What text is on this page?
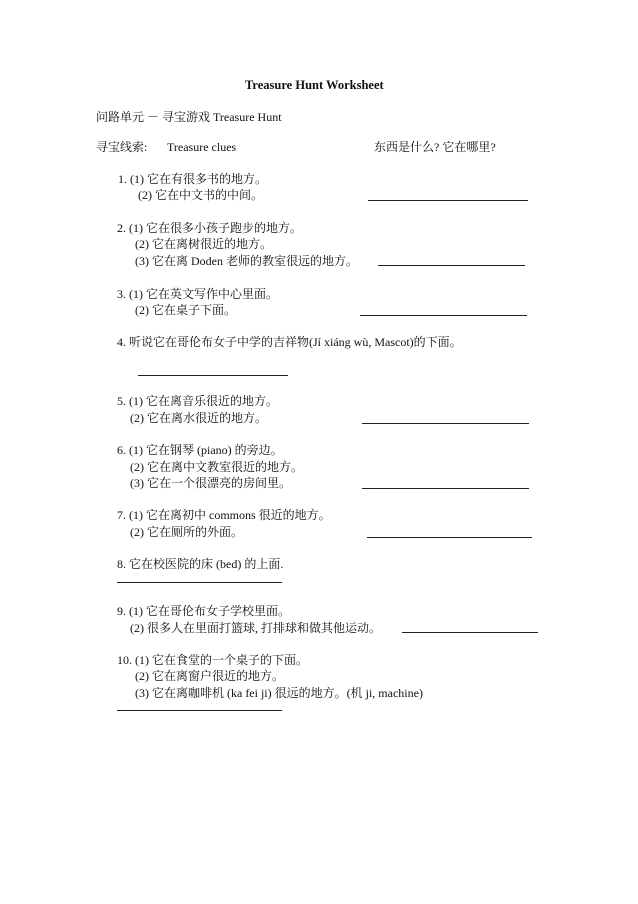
Treasure Hunt Worksheet
问路单元 － 寻宝游戏 Treasure Hunt
寻宝线索: Treasure clues	东西是什么? 它在哪里?
1. (1) 它在有很多书的地方。
(2) 它在中文书的中间。
2. (1) 它在很多小孩子跑步的地方。
(2) 它在离树很近的地方。
(3) 它在离 Doden 老师的教室很远的地方。
3. (1) 它在英文写作中心里面。
(2) 它在桌子下面。
4. 听说它在哥伦布女子中学的吉祥物(Jí xiáng wù, Mascot)的下面。
5. (1) 它在离音乐很近的地方。
(2) 它在离水很近的地方。
6. (1) 它在钢琴 (piano) 的旁边。
(2) 它在离中文教室很近的地方。
(3) 它在一个很漂亮的房间里。
7. (1) 它在离初中 commons 很近的地方。
(2) 它在厕所的外面。
8. 它在校医院的床 (bed) 的上面.
9. (1) 它在哥伦布女子学校里面。
(2) 很多人在里面打篮球, 打排球和做其他运动。
10. (1) 它在食堂的一个桌子的下面。
(2) 它在离窗户很近的地方。
(3) 它在离咖啡机 (ka fei ji) 很远的地方。(机 ji, machine)
